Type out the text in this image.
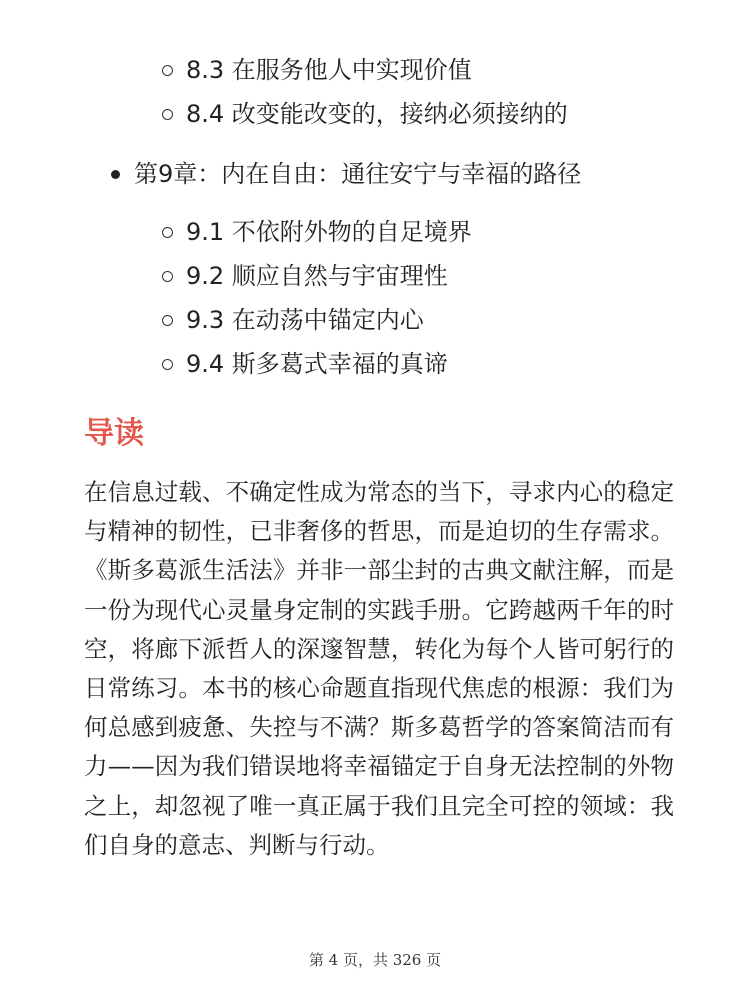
8.3 在服务他人中实现价值
8.4 改变能改变的，接纳必须接纳的
第9章：内在自由：通往安宁与幸福的路径
9.1 不依附外物的自足境界
9.2 顺应自然与宇宙理性
9.3 在动荡中锚定内心
9.4 斯多葛式幸福的真谛
导读
在信息过载、不确定性成为常态的当下，寻求内心的稳定与精神的韧性，已非奢侈的哲思，而是迫切的生存需求。《斯多葛派生活法》并非一部尘封的古典文献注解，而是一份为现代心灵量身定制的实践手册。它跨越两千年的时空，将廊下派哲人的深邃智慧，转化为每个人皆可躬行的日常练习。本书的核心命题直指现代焦虑的根源：我们为何总感到疲惫、失控与不满？斯多葛哲学的答案简洁而有力——因为我们错误地将幸福锚定于自身无法控制的外物之上，却忽视了唯一真正属于我们且完全可控的领域：我们自身的意志、判断与行动。
第 4 页，共 326 页
